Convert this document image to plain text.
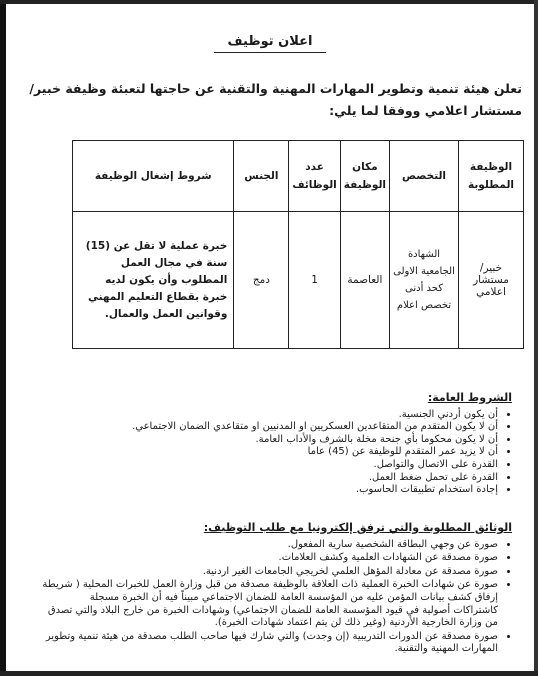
اعلان توظيف
تعلن هيئة تنمية وتطوير المهارات المهنية والتقنية عن حاجتها لتعبئة وظيفة خبير/ مستشار اعلامي ووفقا لما يلي:
الوظيفة المطلوبة	التخصص	مكان الوظيفة	عدد الوظائف	الجنس	شروط إشغال الوظيفة
خبير/ مستشار اعلامي	الشهادة الجامعية الاولى كحد أدنى تخصص اعلام	العاصمة	1	دمج	خبرة عملية لا تقل عن (15) سنة في مجال العمل المطلوب وأن يكون لديه خبرة بقطاع التعليم المهني وقوانين العمل والعمال.
الشروط العامة:
• أن يكون أردني الجنسية.
• أن لا يكون المتقدم من المتقاعدين العسكريين او المدنيين او متقاعدي الضمان الاجتماعي.
• أن لا يكون محكوما بأي جنحة مخلة بالشرف والأداب العامة.
• أن لا يزيد عمر المتقدم للوظيفة عن (45) عاما
• القدرة على الاتصال والتواصل.
• القدرة على تحمل ضغط العمل.
• إجادة استخدام تطبيقات الحاسوب.
الوثائق المطلوبة والتي ترفق إلكترونيا مع طلب التوظيف:
• صورة عن وجهي البطاقة الشخصية سارية المفعول.
• صورة مصدقة عن الشهادات العلمية وكشف العلامات.
• صورة مصدقة عن معادلة المؤهل العلمي لخريجي الجامعات الغير اردنية.
• صورة عن شهادات الخبرة العملية ذات العلاقة بالوظيفة مصدقة من قبل وزارة العمل للخبرات المحلية ( شريطة إرفاق كشف بيانات المؤمن عليه من المؤسسة العامة للضمان الاجتماعي مبيناً فيه أن الخبرة مسجلة كاشتراكات أصولية في قيود المؤسسة العامة للضمان الاجتماعي) وشهادات الخبرة من خارج البلاد والتي تصدق من وزارة الخارجية الأردنية (وغير ذلك لن يتم اعتماد شهادات الخبرة).
• صورة مصدقة عن الدورات التدريبية (إن وجدت) والتي شارك فيها صاحب الطلب مصدقة من هيئة تنمية وتطوير المهارات المهنية والتقنية.
